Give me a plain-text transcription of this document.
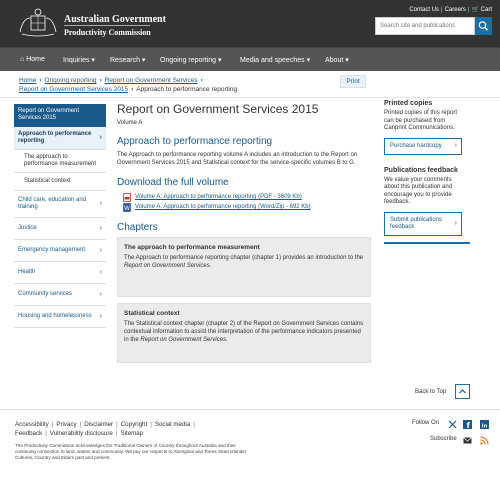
Australian Government
Productivity Commission
Contact Us | Careers | 🛒 Cart
Search site and publications
⌂ Home	Inquiries ▾ Research ▾ Ongoing reporting ▾	Media and speeches ▾ About ▾
Home › Ongoing reporting › Report on Government Services ›
Report on Government Services 2015 › Approach to performance reporting
Print
Report on Government Services 2015
Approach to performance reporting	›
The approach to performance measurement
Statistical context
Child care, education and training	›
Justice	›
Emergency management ›
Health	›
Community services	›
Housing and homelessness ›
Report on Government Services 2015
Volume A
Approach to performance reporting

The Approach to performance reporting volume A includes an introduction to the Report on Government Services 2015 and Statistical context for the service-specific volumes B to G.

Download the full volume
Volume A: Approach to performance reporting (PDF - 3609 Kb)
W Volume A: Approach to performance reporting (Word/Zip - 692 Kb)
Chapters
The approach to performance measurement
The Approach to performance reporting chapter (chapter 1) provides an introduction to the Report on Government Services.
Statistical context
The Statistical context chapter (chapter 2) of the Report on Government Services contains contextual information to assist the interpretation of the performance indicators presented in the Report on Government Services.
Printed copies
Printed copies of this report can be purchased from Canprint Communications.
Purchase hardcopy ›
Publications feedback
We value your comments about this publication and encourage you to provide feedback.
Submit publications feedback	›
Back to Top
Accessibility | Privacy | Disclaimer | Copyright | Social media |
Feedback | Vulnerability disclosure | Sitemap
The Productivity Commission acknowledges the Traditional Owners of Country throughout Australia and their continuing connection to land, waters and community. We pay our respects to Aboriginal and Torres Strait Islander Cultures, Country and Elders past and present.
Follow On	f in
Subscribe
